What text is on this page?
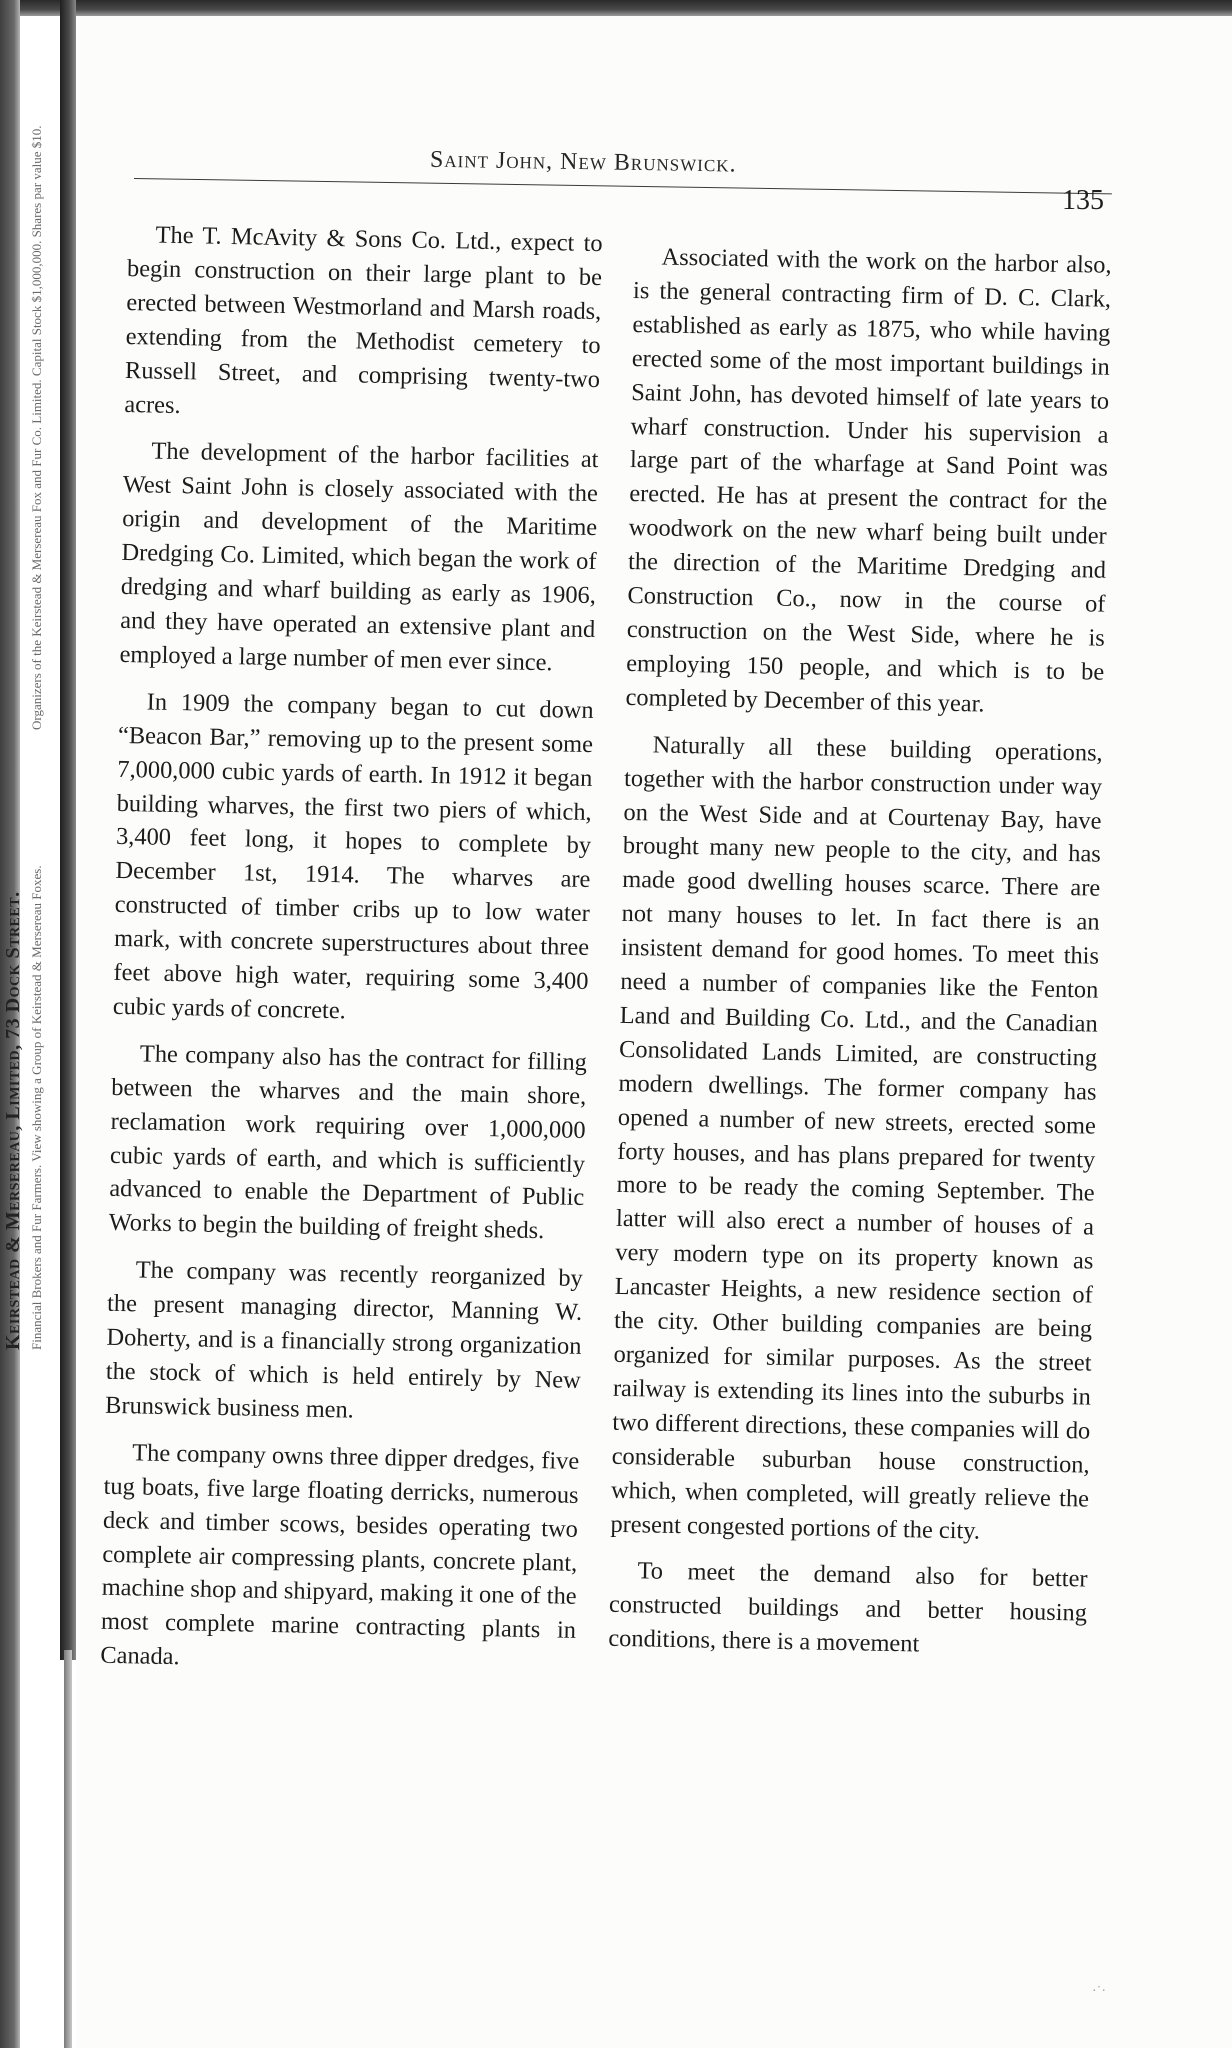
Keirstead & Mersereau, Limited, 73 Dock Street. Financial Brokers and Fur Farmers. View showing a Group of Keirstead & Mersereau Foxes.
Organizers of the Keirstead & Mersereau Fox and Fur Co. Limited. Capital Stock $1,000,000. Shares par value $10.	Saint John, New Brunswick.
135

The T. McAvity & Sons Co. Ltd., expect to begin construction on their large plant to be erected between Westmorland and Marsh roads, extending from the Methodist cemetery to Russell Street, and comprising twenty-two acres.

The development of the harbor facilities at West Saint John is closely associated with the origin and development of the Maritime Dredging Co. Limited, which began the work of dredging and wharf building as early as 1906, and they have operated an extensive plant and employed a large number of men ever since.

In 1909 the company began to cut down “Beacon Bar,” removing up to the present some 7,000,000 cubic yards of earth. In 1912 it began building wharves, the first two piers of which, 3,400 feet long, it hopes to complete by December 1st, 1914. The wharves are constructed of timber cribs up to low water mark, with concrete superstructures about three feet above high water, requiring some 3,400 cubic yards of concrete.

The company also has the contract for filling between the wharves and the main shore, reclamation work requiring over 1,000,000 cubic yards of earth, and which is sufficiently advanced to enable the Department of Public Works to begin the building of freight sheds.

The company was recently reorganized by the present managing director, Manning W. Doherty, and is a financially strong organization the stock of which is held entirely by New Brunswick business men.

The company owns three dipper dredges, five tug boats, five large floating derricks, numerous deck and timber scows, besides operating two complete air compressing plants, concrete plant, machine shop and shipyard, making it one of the most complete marine contracting plants in Canada.

Associated with the work on the harbor also, is the general contracting firm of D. C. Clark, established as early as 1875, who while having erected some of the most important buildings in Saint John, has devoted himself of late years to wharf construction. Under his supervision a large part of the wharfage at Sand Point was erected. He has at present the contract for the woodwork on the new wharf being built under the direction of the Maritime Dredging and Construction Co., now in the course of construction on the West Side, where he is employing 150 people, and which is to be completed by December of this year.

Naturally all these building operations, together with the harbor construction under way on the West Side and at Courtenay Bay, have brought many new people to the city, and has made good dwelling houses scarce. There are not many houses to let. In fact there is an insistent demand for good homes. To meet this need a number of companies like the Fenton Land and Building Co. Ltd., and the Canadian Consolidated Lands Limited, are constructing modern dwellings. The former company has opened a number of new streets, erected some forty houses, and has plans prepared for twenty more to be ready the coming September. The latter will also erect a number of houses of a very modern type on its property known as Lancaster Heights, a new residence section of the city. Other building companies are being organized for similar purposes. As the street railway is extending its lines into the suburbs in two different directions, these companies will do considerable suburban house construction, which, when completed, will greatly relieve the present congested portions of the city.

To meet the demand also for better constructed buildings and better housing conditions, there is a movement

·˙·
